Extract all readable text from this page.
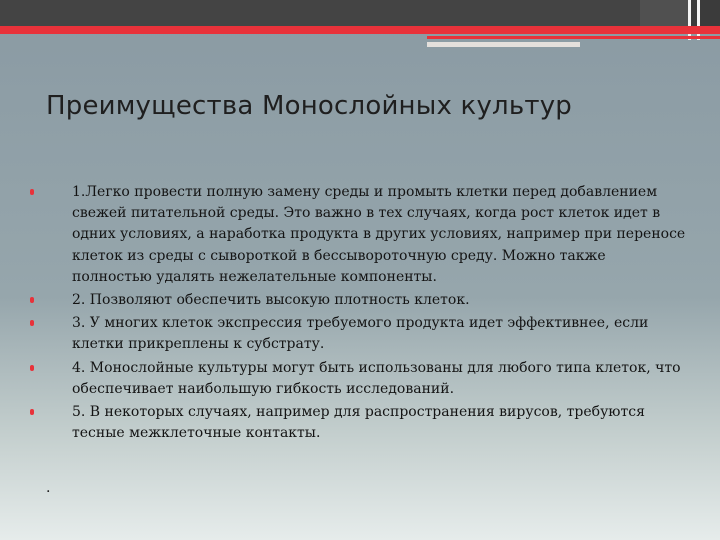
Преимущества Монослойных культур
1.Легко провести полную замену среды и промыть клетки перед добавлением свежей питательной среды. Это важно в тех случаях, когда рост клеток идет в одних условиях, а наработка продукта в других условиях, например при переносе клеток из среды с сывороткой в бессывороточную среду. Можно также полностью удалять нежелательные компоненты.
2. Позволяют обеспечить высокую плотность клеток.
3. У многих клеток экспрессия требуемого продукта идет эффективнее, если клетки прикреплены к субстрату.
4. Монослойные культуры могут быть использованы для любого типа клеток, что обеспечивает наибольшую гибкость исследований.
5. В некоторых случаях, например для распространения вирусов, требуются тесные межклеточные контакты.
.
